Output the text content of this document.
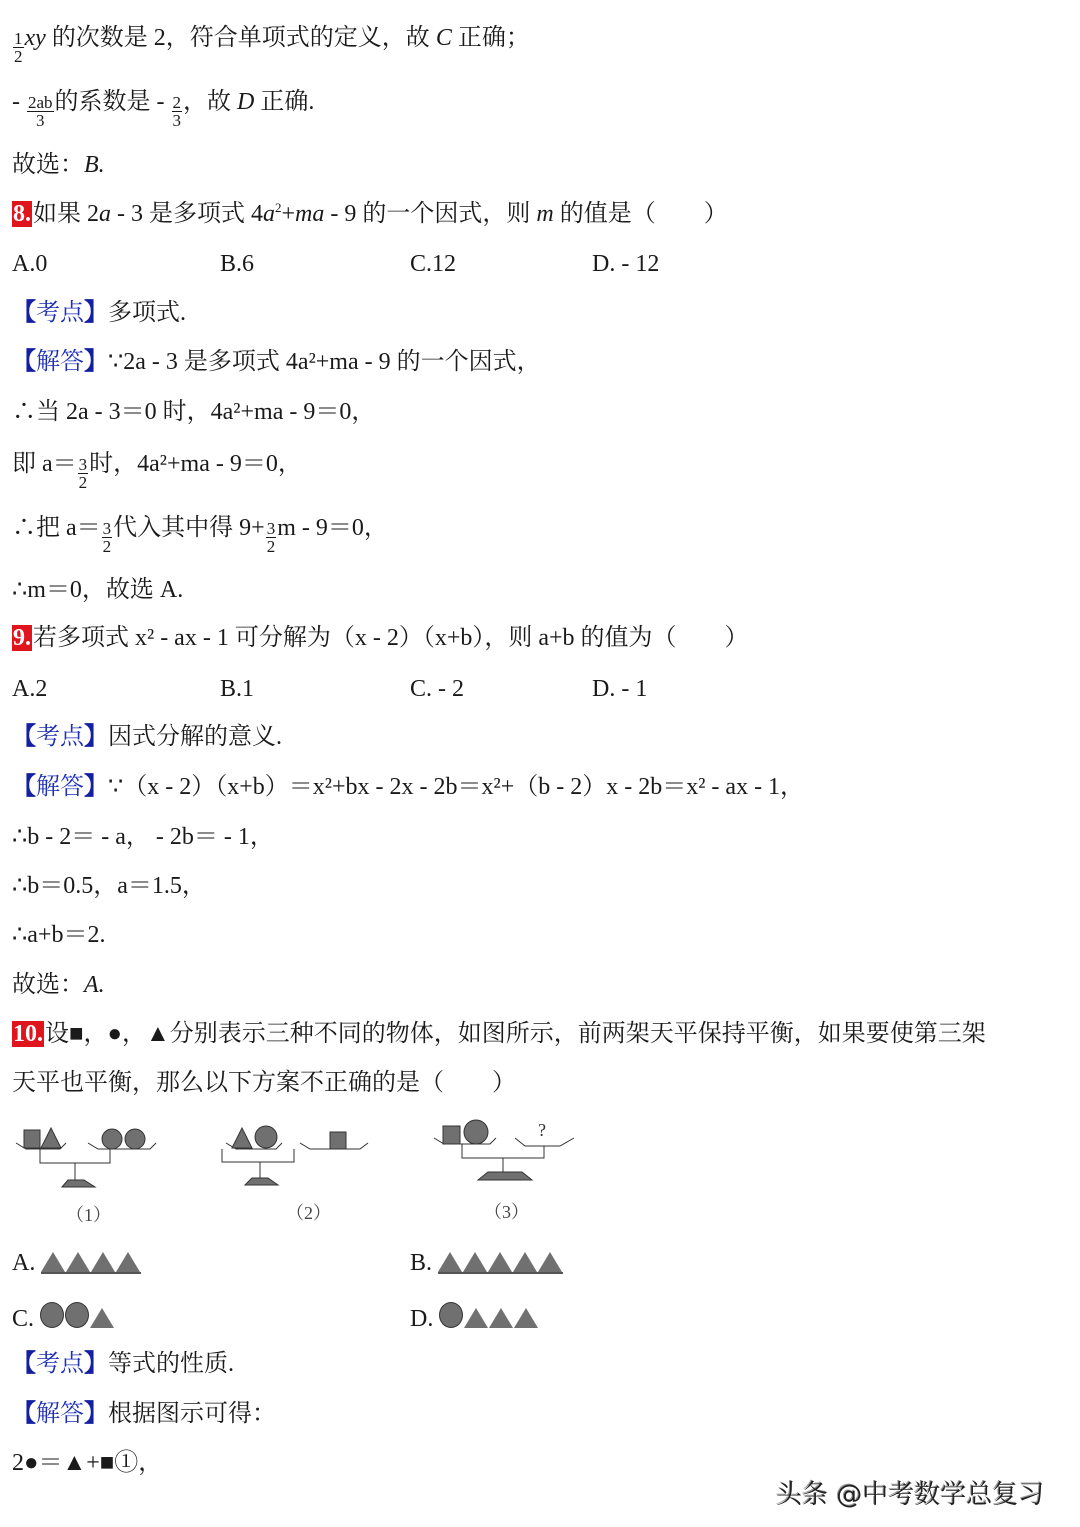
$\frac{1}{2}$ xy 的次数是 2，符合单项式的定义，故 C 正确；
- $\frac{2ab}{3}$ 的系数是 - $\frac{2}{3}$ ，故 D 正确.
故选：B.
8.如果 2a - 3 是多项式 $4a^2+ma - 9$ 的一个因式，则 m 的值是（　　）
A.0	B.6	C.12	D. - 12
【考点】多项式.
【解答】∵2a - 3 是多项式 4a²+ma - 9 的一个因式，
∴当 2a - 3＝0 时，4a²+ma - 9＝0，
即 $a= \frac{3}{2}$ 时，4a²+ma - 9＝0，
∴把 $a= \frac{3}{2}$ 代入其中得 $9+ \frac{3}{2}$ m - 9＝0，
∴m＝0，故选 A.
9.若多项式 x² - ax - 1 可分解为（x - 2）（x+b），则 a+b 的值为（　　）
A.2	B.1	C. - 2	D. - 1
【考点】因式分解的意义.
【解答】∵（x - 2）（x+b）＝x²+bx - 2x - 2b＝x²+（b - 2）x - 2b＝x² - ax - 1，
∴b - 2＝ - a， - 2b＝ - 1，
∴b＝0.5，a＝1.5，
∴a+b＝2.
故选：A.
10.设■，●，▲分别表示三种不同的物体，如图所示，前两架天平保持平衡，如果要使第三架
天平也平衡，那么以下方案不正确的是（　　）
?
（1）	（2）	（3）
A.	B.
C.	D.
【考点】等式的性质.
【解答】根据图示可得：
2●＝▲+■①，
头条 @中考数学总复习
